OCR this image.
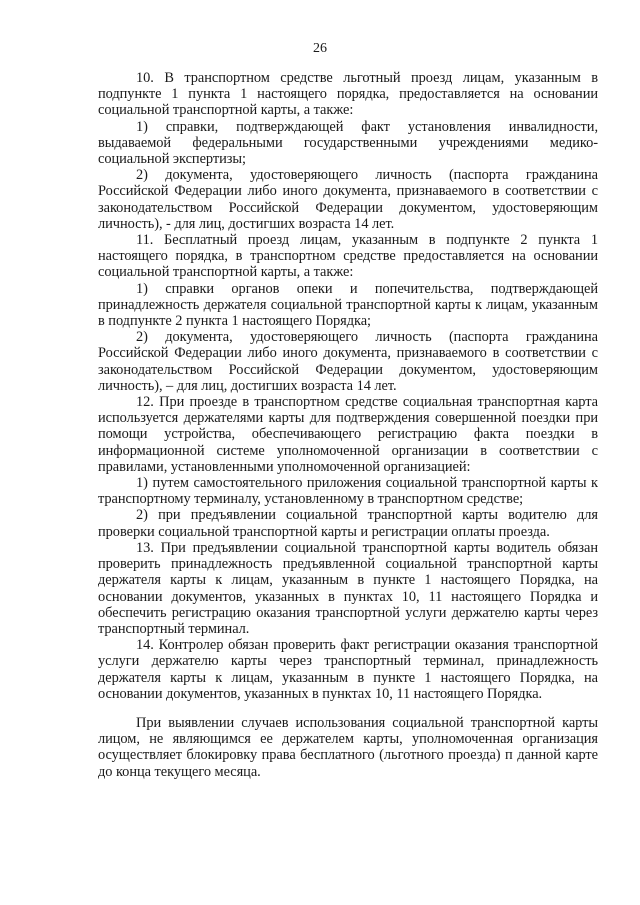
26

10. В транспортном средстве льготный проезд лицам, указанным в подпункте 1 пункта 1 настоящего порядка, предоставляется на основании социальной транспортной карты, а также:

1) справки, подтверждающей факт установления инвалидности, выдаваемой федеральными государственными учреждениями медико-социальной экспертизы;

2) документа, удостоверяющего личность (паспорта гражданина Российской Федерации либо иного документа, признаваемого в соответствии с законодательством Российской Федерации документом, удостоверяющим личность), - для лиц, достигших возраста 14 лет.

11. Бесплатный проезд лицам, указанным в подпункте 2 пункта 1 настоящего порядка, в транспортном средстве предоставляется на основании социальной транспортной карты, а также:

1) справки органов опеки и попечительства, подтверждающей принадлежность держателя социальной транспортной карты к лицам, указанным в подпункте 2 пункта 1 настоящего Порядка;

2) документа, удостоверяющего личность (паспорта гражданина Российской Федерации либо иного документа, признаваемого в соответствии с законодательством Российской Федерации документом, удостоверяющим личность), – для лиц, достигших возраста 14 лет.

12. При проезде в транспортном средстве социальная транспортная карта используется держателями карты для подтверждения совершенной поездки при помощи устройства, обеспечивающего регистрацию факта поездки в информационной системе уполномоченной организации в соответствии с правилами, установленными уполномоченной организацией:

1) путем самостоятельного приложения социальной транспортной карты к транспортному терминалу, установленному в транспортном средстве;

2) при предъявлении социальной транспортной карты водителю для проверки социальной транспортной карты и регистрации оплаты проезда.

13. При предъявлении социальной транспортной карты водитель обязан проверить принадлежность предъявленной социальной транспортной карты держателя карты к лицам, указанным в пункте 1 настоящего Порядка, на основании документов, указанных в пунктах 10, 11 настоящего Порядка и обеспечить регистрацию оказания транспортной услуги держателю карты через транспортный терминал.

14. Контролер обязан проверить факт регистрации оказания транспортной услуги держателю карты через транспортный терминал, принадлежность держателя карты к лицам, указанным в пункте 1 настоящего Порядка, на основании документов, указанных в пунктах 10, 11 настоящего Порядка.

При выявлении случаев использования социальной транспортной карты лицом, не являющимся ее держателем карты, уполномоченная организация осуществляет блокировку права бесплатного (льготного проезда) п данной карте до конца текущего месяца.
